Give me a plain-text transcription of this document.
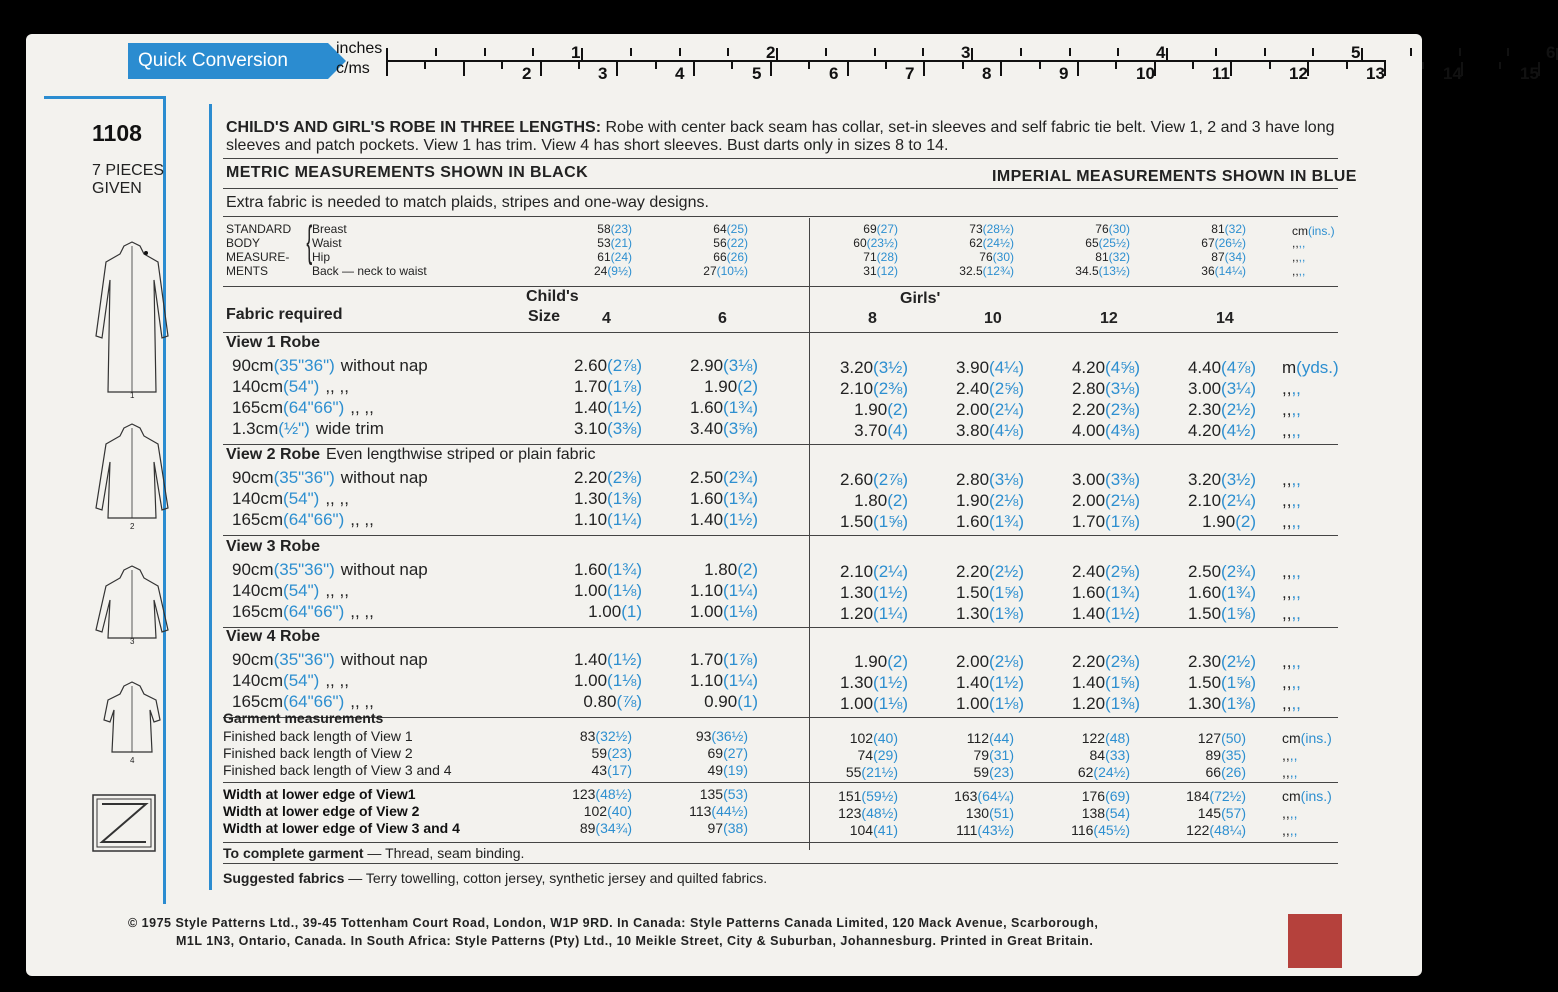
Quick Conversion
inches
c/ms
1	2	3	4	5	6
2	3	4	5	6	7	8	9	10	11	12	13	14	15
1108
7 PIECES
GIVEN
1
2
3
4
CHILD'S AND GIRL'S ROBE IN THREE LENGTHS: Robe with center back seam has collar, set-in sleeves and self fabric tie belt. View 1, 2 and 3 have long
sleeves and patch pockets. View 1 has trim. View 4 has short sleeves. Bust darts only in sizes 8 to 14.
METRIC MEASUREMENTS SHOWN IN BLACK	IMPERIAL MEASUREMENTS SHOWN IN BLUE
Extra fabric is needed to match plaids, stripes and one-way designs.
STANDARD
BODY
MEASURE-
MENTS
{ Breast	58(23)	64(25)	69(27)	73(28½)	76(30)	81(32)	cm(ins.)
Waist	53(21)	56(22)	60(23½)	62(24½)	65(25½)	67(26½)	,,,,
Hip	61(24)	66(26)	71(28)	76(30)	81(32)	87(34)	,,,,
Back — neck to waist	24(9½)	27(10½)	31(12)	32.5(12¾)	34.5(13½)	36(14¼)	,,,,
Fabric required
Child's
Size
Girls'
4	6	8	10	12	14
View 1 Robe
90cm(35"36") without nap	2.60(2⅞)	2.90(3⅛)	3.20(3½)	3.90(4¼)	4.20(4⅝)	4.40(4⅞) m(yds.)
140cm(54") ,, ,,	1.70(1⅞)	1.90(2)	2.10(2⅜)	2.40(2⅝)	2.80(3⅛)	3.00(3¼) ,,,,
165cm(64"66") ,, ,,	1.40(1½)	1.60(1¾)	1.90(2)	2.00(2¼)	2.20(2⅜)	2.30(2½) ,,,,
1.3cm(½") wide trim	3.10(3⅜)	3.40(3⅝)	3.70(4)	3.80(4⅛)	4.00(4⅜)	4.20(4½) ,,,,
View 2 Robe Even lengthwise striped or plain fabric
90cm(35"36") without nap	2.20(2⅜)	2.50(2¾)	2.60(2⅞)	2.80(3⅛)	3.00(3⅜)	3.20(3½) ,,,,
140cm(54") ,, ,,	1.30(1⅜)	1.60(1¾)	1.80(2)	1.90(2⅛)	2.00(2⅛)	2.10(2¼) ,,,,
165cm(64"66") ,, ,,	1.10(1¼)	1.40(1½)	1.50(1⅝)	1.60(1¾)	1.70(1⅞)	1.90(2) ,,,,
View 3 Robe
90cm(35"36") without nap	1.60(1¾)	1.80(2)	2.10(2¼)	2.20(2½)	2.40(2⅝)	2.50(2¾) ,,,,
140cm(54") ,, ,,	1.00(1⅛)	1.10(1¼)	1.30(1½)	1.50(1⅝)	1.60(1¾)	1.60(1¾) ,,,,
165cm(64"66") ,, ,,	1.00(1)	1.00(1⅛)	1.20(1¼)	1.30(1⅜)	1.40(1½)	1.50(1⅝) ,,,,
View 4 Robe
90cm(35"36") without nap	1.40(1½)	1.70(1⅞)	1.90(2)	2.00(2⅛)	2.20(2⅜)	2.30(2½) ,,,,
140cm(54") ,, ,,	1.00(1⅛)	1.10(1¼)	1.30(1½)	1.40(1½)	1.40(1⅝)	1.50(1⅝) ,,,,
165cm(64"66") ,, ,,	0.80(⅞)	0.90(1)	1.00(1⅛)	1.00(1⅛)	1.20(1⅜)	1.30(1⅜) ,,,,
Garment measurements
Finished back length of View 1	83(32½)	93(36½)	102(40)	112(44)	122(48)	127(50)	cm(ins.)
Finished back length of View 2	59(23)	69(27)	74(29)	79(31)	84(33)	89(35)	,,,,
Finished back length of View 3 and 4	43(17)	49(19)	55(21½)	59(23)	62(24½)	66(26)	,,,,
Width at lower edge of View1	123(48½)	135(53)	151(59½)	163(64¼)	176(69)	184(72½)	cm(ins.)
Width at lower edge of View 2	102(40)	113(44½)	123(48½)	130(51)	138(54)	145(57)	,,,,
Width at lower edge of View 3 and 4	89(34¾)	97(38)	104(41)	111(43½)	116(45½)	122(48¼)	,,,,
To complete garment — Thread, seam binding.
Suggested fabrics — Terry towelling, cotton jersey, synthetic jersey and quilted fabrics.
© 1975 Style Patterns Ltd., 39-45 Tottenham Court Road, London, W1P 9RD. In Canada: Style Patterns Canada Limited, 120 Mack Avenue, Scarborough,
M1L 1N3, Ontario, Canada. In South Africa: Style Patterns (Pty) Ltd., 10 Meikle Street, City & Suburban, Johannesburg. Printed in Great Britain.
